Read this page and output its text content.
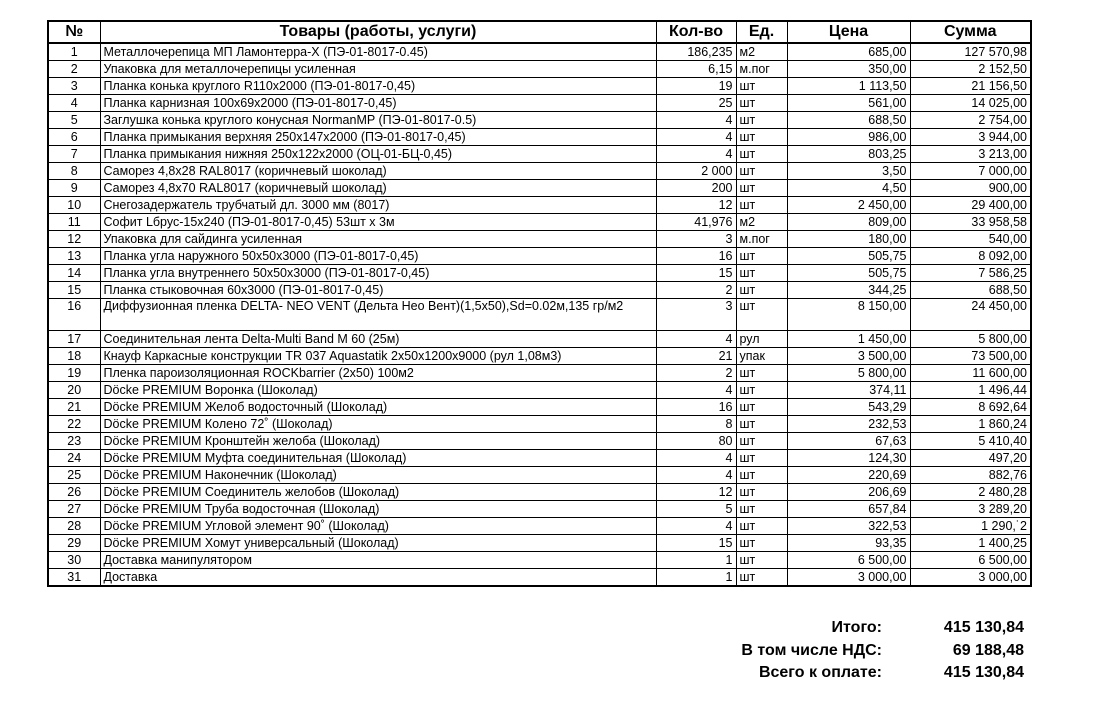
№	Товары (работы, услуги)	Кол-во	Ед.	Цена	Сумма
1	Металлочерепица МП Ламонтерра-X (ПЭ-01-8017-0.45)	186,235	м2	685,00	127 570,98
2	Упаковка для металлочерепицы усиленная	6,15	м.пог	350,00	2 152,50
3	Планка конька круглого R110x2000 (ПЭ-01-8017-0,45)	19	шт	1 113,50	21 156,50
4	Планка карнизная 100x69x2000 (ПЭ-01-8017-0,45)	25	шт	561,00	14 025,00
5	Заглушка конька круглого конусная NormanMP (ПЭ-01-8017-0.5)	4	шт	688,50	2 754,00
6	Планка примыкания верхняя 250x147x2000 (ПЭ-01-8017-0,45)	4	шт	986,00	3 944,00
7	Планка примыкания нижняя 250x122x2000 (ОЦ-01-БЦ-0,45)	4	шт	803,25	3 213,00
8	Саморез 4,8x28 RAL8017 (коричневый шоколад)	2 000	шт	3,50	7 000,00
9	Саморез 4,8x70 RAL8017 (коричневый шоколад)	200	шт	4,50	900,00
10	Снегозадержатель трубчатый дл. 3000 мм (8017)	12	шт	2 450,00	29 400,00
11	Софит Lбрус-15x240 (ПЭ-01-8017-0,45) 53шт х 3м	41,976	м2	809,00	33 958,58
12	Упаковка для сайдинга усиленная	3	м.пог	180,00	540,00
13	Планка угла наружного 50x50x3000 (ПЭ-01-8017-0,45)	16	шт	505,75	8 092,00
14	Планка угла внутреннего 50x50x3000 (ПЭ-01-8017-0,45)	15	шт	505,75	7 586,25
15	Планка стыковочная 60x3000 (ПЭ-01-8017-0,45)	2	шт	344,25	688,50
16	Диффузионная пленка DELTA- NEO VENT (Дельта Нео Вент)(1,5x50),Sd=0.02м,135 гр/м2	3	шт	8 150,00	24 450,00
17	Соединительная лента Delta-Multi Band M 60 (25м)	4	рул	1 450,00	5 800,00
18	Кнауф Каркасные конструкции TR 037 Aquastatik 2x50x1200x9000 (рул 1,08м3)	21	упак	3 500,00	73 500,00
19	Пленка пароизоляционная ROCKbarrier (2x50) 100м2	2	шт	5 800,00	11 600,00
20	Döcke PREMIUM Воронка (Шоколад)	4	шт	374,11	1 496,44
21	Döcke PREMIUM Желоб водосточный (Шоколад)	16	шт	543,29	8 692,64
22	Döcke PREMIUM Колено 72˚ (Шоколад)	8	шт	232,53	1 860,24
23	Döcke PREMIUM Кронштейн желоба (Шоколад)	80	шт	67,63	5 410,40
24	Döcke PREMIUM Муфта соединительная (Шоколад)	4	шт	124,30	497,20
25	Döcke PREMIUM Наконечник (Шоколад)	4	шт	220,69	882,76
26	Döcke PREMIUM Соединитель желобов (Шоколад)	12	шт	206,69	2 480,28
27	Döcke PREMIUM Труба водосточная (Шоколад)	5	шт	657,84	3 289,20
28	Döcke PREMIUM Угловой элемент 90˚ (Шоколад)	4	шт	322,53	1 290,˙2
29	Döcke PREMIUM Хомут универсальный (Шоколад)	15	шт	93,35	1 400,25
30	Доставка манипулятором	1	шт	6 500,00	6 500,00
31	Доставка	1	шт	3 000,00	3 000,00
Итого:	415 130,84
В том числе НДС:	69 188,48
Всего к оплате:	415 130,84
